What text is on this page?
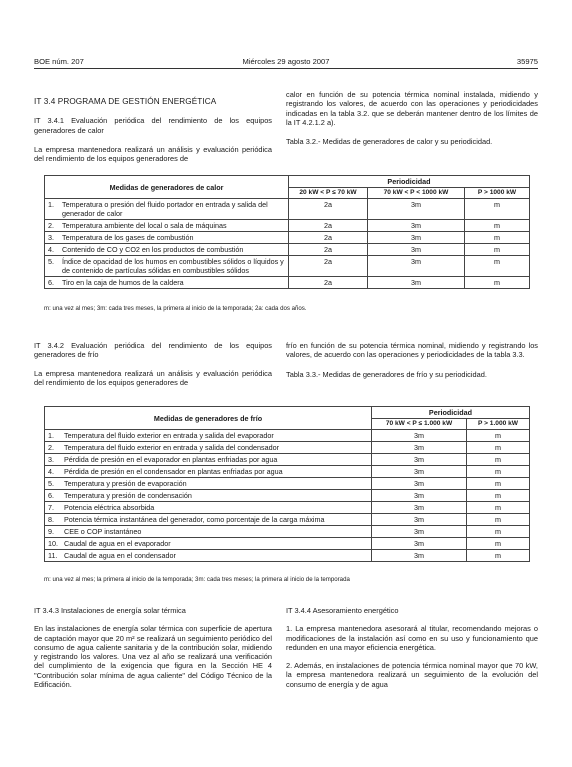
BOE núm. 207	Miércoles 29 agosto 2007	35975

IT 3.4 PROGRAMA DE GESTIÓN ENERGÉTICA

IT 3.4.1 Evaluación periódica del rendimiento de los equipos generadores de calor

La empresa mantenedora realizará un análisis y evaluación periódica del rendimiento de los equipos generadores de

calor en función de su potencia térmica nominal instalada, midiendo y registrando los valores, de acuerdo con las operaciones y periodicidades indicadas en la tabla 3.2. que se deberán mantener dentro de los límites de la IT 4.2.1.2 a).

Tabla 3.2.- Medidas de generadores de calor y su periodicidad.

Medidas de generadores de calor		Periodicidad		
		20 kW < P ≤ 70 kW	70 kW < P < 1000 kW	P > 1000 kW
1.	Temperatura o presión del fluido portador en entrada y salida del generador de calor	2a	3m	m
2.	Temperatura ambiente del local o sala de máquinas	2a	3m	m
3.	Temperatura de los gases de combustión	2a	3m	m
4.	Contenido de CO y CO2 en los productos de combustión	2a	3m	m
5.	Índice de opacidad de los humos en combustibles sólidos o líquidos y de contenido de partículas sólidas en combustibles sólidos	2a	3m	m
6.	Tiro en la caja de humos de la caldera	2a	3m	m
m: una vez al mes; 3m: cada tres meses, la primera al inicio de la temporada; 2a: cada dos años.

IT 3.4.2 Evaluación periódica del rendimiento de los equipos generadores de frío

La empresa mantenedora realizará un análisis y evaluación periódica del rendimiento de los equipos generadores de

frío en función de su potencia térmica nominal, midiendo y registrando los valores, de acuerdo con las operaciones y periodicidades de la tabla 3.3.

Tabla 3.3.- Medidas de generadores de frío y su periodicidad.

Medidas de generadores de frío		Periodicidad	
		70 kW < P ≤ 1.000 kW	P > 1.000 kW
1.	Temperatura del fluido exterior en entrada y salida del evaporador	3m	m
2.	Temperatura del fluido exterior en entrada y salida del condensador	3m	m
3.	Pérdida de presión en el evaporador en plantas enfriadas por agua	3m	m
4.	Pérdida de presión en el condensador en plantas enfriadas por agua	3m	m
5.	Temperatura y presión de evaporación	3m	m
6.	Temperatura y presión de condensación	3m	m
7.	Potencia eléctrica absorbida	3m	m
8.	Potencia térmica instantánea del generador, como porcentaje de la carga máxima	3m	m
9.	CEE o COP instantáneo	3m	m
10.	Caudal de agua en el evaporador	3m	m
11.	Caudal de agua en el condensador	3m	m
m: una vez al mes; la primera al inicio de la temporada; 3m: cada tres meses; la primera al inicio de la temporada

IT 3.4.3 Instalaciones de energía solar térmica

En las instalaciones de energía solar térmica con superficie de apertura de captación mayor que 20 m² se realizará un seguimiento periódico del consumo de agua caliente sanitaria y de la contribución solar, midiendo y registrando los valores. Una vez al año se realizará una verificación del cumplimiento de la exigencia que figura en la Sección HE 4 "Contribución solar mínima de agua caliente" del Código Técnico de la Edificación.

IT 3.4.4 Asesoramiento energético

1. La empresa mantenedora asesorará al titular, recomendando mejoras o modificaciones de la instalación así como en su uso y funcionamiento que redunden en una mayor eficiencia energética.

2. Además, en instalaciones de potencia térmica nominal mayor que 70 kW, la empresa mantenedora realizará un seguimiento de la evolución del consumo de energía y de agua
